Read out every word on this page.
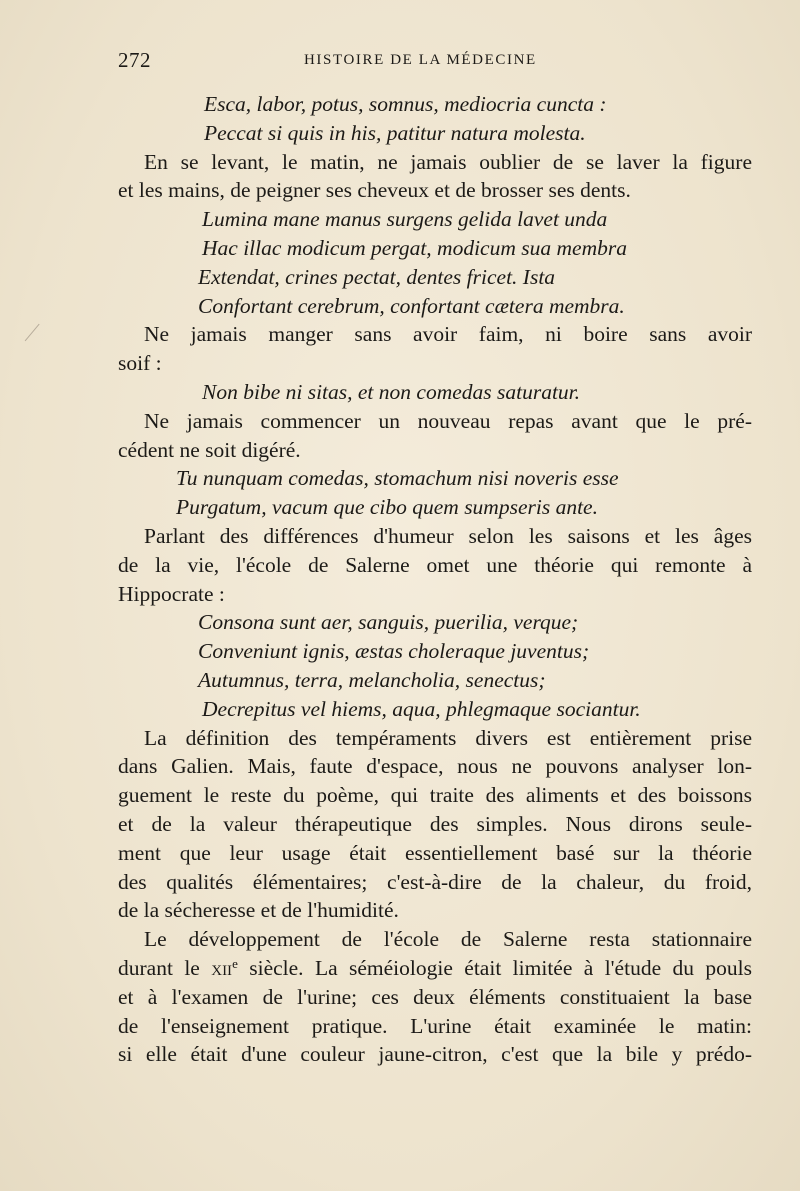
272	HISTOIRE DE LA MÉDECINE

Esca, labor, potus, somnus, mediocria cuncta :

Peccat si quis in his, patitur natura molesta.

En se levant, le matin, ne jamais oublier de se laver la figure
et les mains, de peigner ses cheveux et de brosser ses dents.

Lumina mane manus surgens gelida lavet unda

Hac illac modicum pergat, modicum sua membra

Extendat, crines pectat, dentes fricet. Ista

Confortant cerebrum, confortant cætera membra.

Ne jamais manger sans avoir faim, ni boire sans avoir
soif :

Non bibe ni sitas, et non comedas saturatur.

Ne jamais commencer un nouveau repas avant que le pré-
cédent ne soit digéré.

Tu nunquam comedas, stomachum nisi noveris esse

Purgatum, vacum que cibo quem sumpseris ante.

Parlant des différences d'humeur selon les saisons et les âges
de la vie, l'école de Salerne omet une théorie qui remonte à
Hippocrate :

Consona sunt aer, sanguis, puerilia, verque;

Conveniunt ignis, æstas choleraque juventus;

Autumnus, terra, melancholia, senectus;

Decrepitus vel hiems, aqua, phlegmaque sociantur.

La définition des tempéraments divers est entièrement prise
dans Galien. Mais, faute d'espace, nous ne pouvons analyser lon-
guement le reste du poème, qui traite des aliments et des boissons
et de la valeur thérapeutique des simples. Nous dirons seule-
ment que leur usage était essentiellement basé sur la théorie
des qualités élémentaires; c'est-à-dire de la chaleur, du froid,
de la sécheresse et de l'humidité.
Le développement de l'école de Salerne resta stationnaire
durant le xii$^e$ siècle. La séméiologie était limitée à l'étude du pouls
et à l'examen de l'urine; ces deux éléments constituaient la base
de l'enseignement pratique. L'urine était examinée le matin:
si elle était d'une couleur jaune-citron, c'est que la bile y prédo-
